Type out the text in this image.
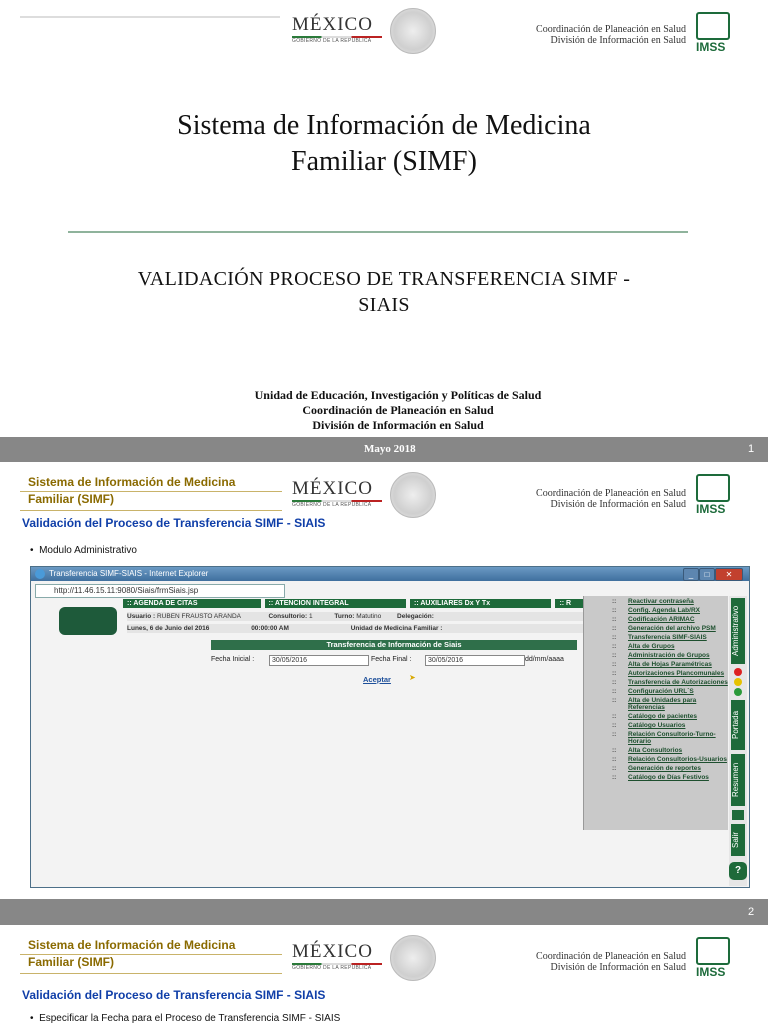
MÉXICO
GOBIERNO DE LA REPÚBLICA
Coordinación de Planeación en Salud
División de Información en Salud IMSS
Sistema de Información de Medicina
Familiar (SIMF)
VALIDACIÓN PROCESO DE TRANSFERENCIA SIMF -
SIAIS
Unidad de Educación, Investigación y Políticas de Salud
Coordinación de Planeación en Salud
División de Información en Salud
Mayo 2018	1
Sistema de Información de Medicina
Familiar (SIMF)	MÉXICO
GOBIERNO DE LA REPÚBLICA
Coordinación de Planeación en Salud
División de Información en Salud IMSS
Validación del Proceso de Transferencia SIMF - SIAIS
•  Modulo Administrativo
Transferencia SIMF-SIAIS - Internet Explorer	_	□	✕
http://11.46.15.11:9080/Siais/frmSiais.jsp
:: AGENDA DE CITAS	:: ATENCION INTEGRAL	:: AUXILIARES Dx Y Tx	:: R
Usuario : RUBEN FRAUSTO ARANDA	Consultorio: 1	Turno: Matutino Delegación:
Lunes, 6 de Junio del 2016	00:00:00 AM	Unidad de Medicina Familiar :
Transferencia de Información de Siais
Fecha Inicial :	30/05/2016	Fecha Final :	30/05/2016	dd/mm/aaaa
Aceptar ➤
:: Reactivar contraseña
:: Config. Agenda Lab/RX
:: Codificación ARIMAC
:: Generación del archivo PSM
:: Transferencia SIMF-SIAIS
:: Alta de Grupos
:: Administración de Grupos
:: Alta de Hojas Paramétricas
:: Autorizaciones Plancomunales
:: Transferencia de Autorizaciones
:: Configuración URL´S
:: Alta de Unidades para Referencias
:: Catálogo de pacientes
:: Catálogo Usuarios
:: Relación Consultorio-Turno-Horario
:: Alta Consultorios
:: Relación Consultorios-Usuarios
:: Generación de reportes
:: Catálogo de Días Festivos
Administrativo
Portada
Resumen
Salir
?
2
Sistema de Información de Medicina
Familiar (SIMF)	MÉXICO
GOBIERNO DE LA REPÚBLICA
Coordinación de Planeación en Salud
División de Información en Salud IMSS
Validación del Proceso de Transferencia SIMF - SIAIS
•  Especificar la Fecha para el Proceso de Transferencia SIMF - SIAIS
